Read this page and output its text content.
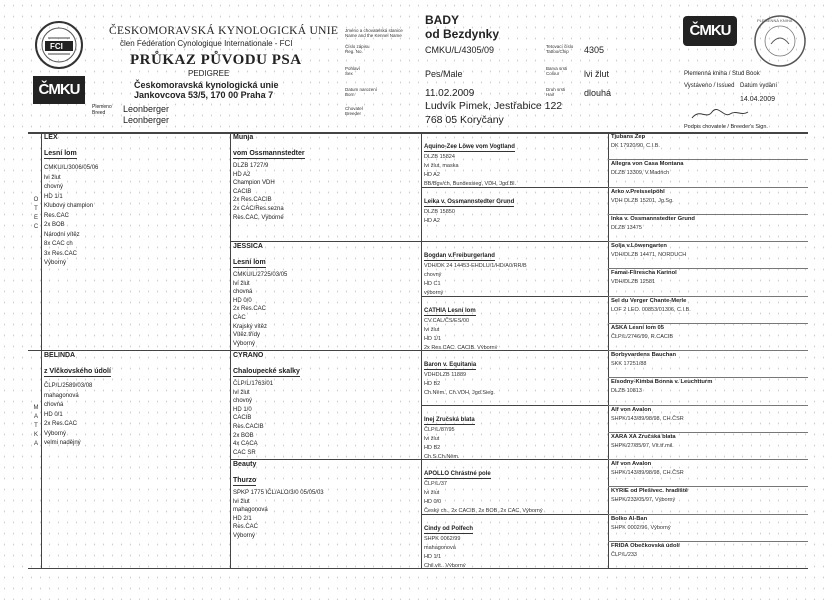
FCI
ČMKU
ČESKOMORAVSKÁ KYNOLOGICKÁ UNIE
člen Fédération Cynologique Internationale - FCI
PRŮKAZ PŮVODU PSA
PEDIGREE
Českomoravská kynologická unie
Jankovcova 53/5, 170 00 Praha 7
Plemeno
Breed	Leonberger
Leonberger
Jméno a chovatelská stanice
Name and the Kennel Name
BADY
od Bezdynky
Číslo zápisu
Reg. No.	CMKU/L/4305/09	Tetovací číslo
Tattoo/Chip	4305
Pohlaví
Sex	Pes/Male
Barva srsti
Colour	lvi žlut
Datum narození
Born	11.02.2009	Druh srsti
Hair	dlouhá
Chovatel
Breeder
Ludvík Pimek, Jestřabice 122
768 05 Koryčany
ČMKU
PLEMENNÁ KNIHA
Plemenná kniha / Stud Book
Vystaveno / Issued Datum vydání
14.04.2009
Podpis chovatele / Breeder's Sign.
O
T
E
C
M
A
T
K
A
LEX
Lesní lom
CMKU/L/3006/05/06
lvi žlut
chovný
HD 1/1
Klubový champion
Res.CAC
2x BOB
Národní vítěz
8x CAC ch
3x Res.CAC
Výborný
BELINDA
z Vlčkovského údolí
ČLP/L/2589/03/08
mahagonová
chovná
HD 0/1
2x Res.CAC
Výborný
velmi nadějný
Munja
vom Ossmannstedter
DLZB 1727/9
HD A2
Champion VDH
CACIB
2x Res.CACIB
2x CAC/Res.sezna
Res.CAC, Výborné
JESSICA
Lesní lom
CMKU/L/2725/03/05
lvi žlut
chovná
HD 0/0
2x Res.CAC
CAC
Krajský vítěz
Vítěz třídy
Výborný
CYRANO
Chaloupecké skalky
ČLP/L/1763/01
lvi žlut
chovný
HD 1/0
CACIB
Res.CACIB
2x BOB
4x CACA
CAC SR
Beauty
Thurzo
SPKP 1775 IČL/ALO/3/0 05/05/03
lvi žlut
mahagonová
HD 2/1
Res.CAC
Výborný
Aquino-Zee Löwe vom Vogtland
DLZB 15824
lvi žlut, maska
HD A2
BB/Bgv/ch, Bundessieg, VDH, Jgd.Bl.
Leika v. Ossmannstedter Grund
DLZB 15850
HD A2
Bogdan v.Freiburgerland
VDH/DK 24 14453-EHDLU/1/HD/A0/RR/B
chovný
HD C1
výborný
CATHIA Lesní lom
CV.CAL/ČS/ES/00
lvi žlut
HD 1/1
2x Res.CAC, CACIB, Výborný
Baron v. Equitania
VDHDLZB 11889
HD B2
Ch.Něm., Ch.VDH, Jgd.Sieg.
Inej Zručská blata
ČLP/L/87/95
lvi žlut
HD B2
Ch.S.Ch.Něm.
APOLLO Chrástné pole
ČLP/L/37
lvi žlut
HD 0/0
Český ch., 2x CACIB, 2x BOB, 2x CAC, Výborný
Cindy od Polfech
SHPK 0062/99
mahagonová
HD 1/1
Chil.vít., Výborný
Tjubans Zep
DK 17920/90, C.I.B.
Allegra von Casa Montana
DLZB 13309, V.Madrich
Arko v.Preisselpöhl
VDH DLZB 15201, Jg.Sg.
Inka v. Ossmannstedter Grund
DLZB 13475
Solja v.Löwengarten
VDH/DLZB 14471, NORDUCH
Famai-Flirescha Karinol
VDH/DLZB 12581
Sel du Verger Chante-Merle
LOF 2 LEO. 00853/01306, C.I.B.
ASKA Lesní lom 05
ČLP/L/2746/99, R.CACIB
Borbyvardens Bauchan
SKK 17251/88
Eisodny-Kimba Bonna v. Leuchtturm
DLZB 10813
Alf von Avalon
SHPK/143/89/98/98, CH.ČSR
XARA XA Zručská blata
SHPK/27/85/97, Vít.tř.mil.
Alf von Avalon
SHPK/143/89/98/98, CH.ČSR
KYRIE od Plešivec. hradiště
SHPK/233/05/97, Výborný
Bolko Al-Ban
SHPK 0002/96, Výborný
FRIDA Obečkovská údolí
ČLP/L/233
